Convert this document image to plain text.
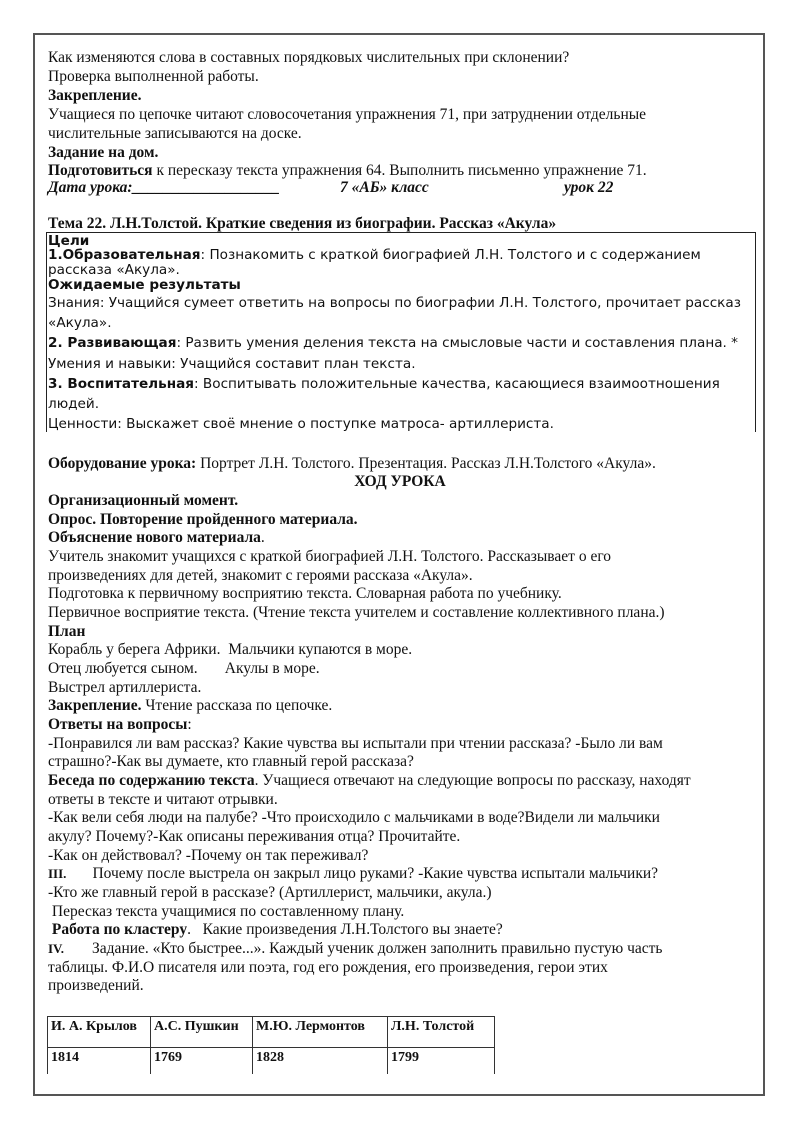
Как изменяются слова в составных порядковых числительных при склонении?
Проверка выполненной работы.
Закрепление.
Учащиеся по цепочке читают словосочетания упражнения 71, при затруднении отдельные
числительные записываются на доске.
Задание на дом.
Подготовиться к пересказу текста упражнения 64. Выполнить письменно упражнение 71.
Дата урока:___________________	7 «АБ» класс	урок 22
Тема 22. Л.Н.Толстой. Краткие сведения из биографии. Рассказ «Акула»
Цели
1.Образовательная: Познакомить с краткой биографией Л.Н. Толстого и с содержанием
рассказа «Акула».
Ожидаемые результаты
Знания: Учащийся сумеет ответить на вопросы по биографии Л.Н. Толстого, прочитает рассказ
«Акула».
2. Развивающая: Развить умения деления текста на смысловые части и составления плана. *
Умения и навыки: Учащийся составит план текста.
3. Воспитательная: Воспитывать положительные качества, касающиеся взаимоотношения
людей.
Ценности: Выскажет своё мнение о поступке матроса- артиллериста.
Оборудование урока: Портрет Л.Н. Толстого. Презентация. Рассказ Л.Н.Толстого «Акула».
ХОД УРОКА
Организационный момент.
Опрос. Повторение пройденного материала.
Объяснение нового материала.
Учитель знакомит учащихся с краткой биографией Л.Н. Толстого. Рассказывает о его
произведениях для детей, знакомит с героями рассказа «Акула».
Подготовка к первичному восприятию текста. Словарная работа по учебнику.
Первичное восприятие текста. (Чтение текста учителем и составление коллективного плана.)
План
Корабль у берега Африки.  Мальчики купаются в море.
Отец любуется сыном.       Акулы в море.
Выстрел артиллериста.
Закрепление. Чтение рассказа по цепочке.
Ответы на вопросы:
-Понравился ли вам рассказ? Какие чувства вы испытали при чтении рассказа? -Было ли вам
страшно?-Как вы думаете, кто главный герой рассказа?
Беседа по содержанию текста. Учащиеся отвечают на следующие вопросы по рассказу, находят
ответы в тексте и читают отрывки.
-Как вели себя люди на палубе? -Что происходило с мальчиками в воде?Видели ли мальчики
акулу? Почему?-Как описаны переживания отца? Прочитайте.
-Как он действовал? -Почему он так переживал?
III. Почему после выстрела он закрыл лицо руками? -Какие чувства испытали мальчики?
-Кто же главный герой в рассказе? (Артиллерист, мальчики, акула.)
Пересказ текста учащимися по составленному плану.
Работа по кластеру.   Какие произведения Л.Н.Толстого вы знаете?
IV. Задание. «Кто быстрее...». Каждый ученик должен заполнить правильно пустую часть
таблицы. Ф.И.О писателя или поэта, год его рождения, его произведения, герои этих
произведений.
И. А. Крылов	А.С. Пушкин	М.Ю. Лермонтов	Л.Н. Толстой
1814	1769	1828	1799
